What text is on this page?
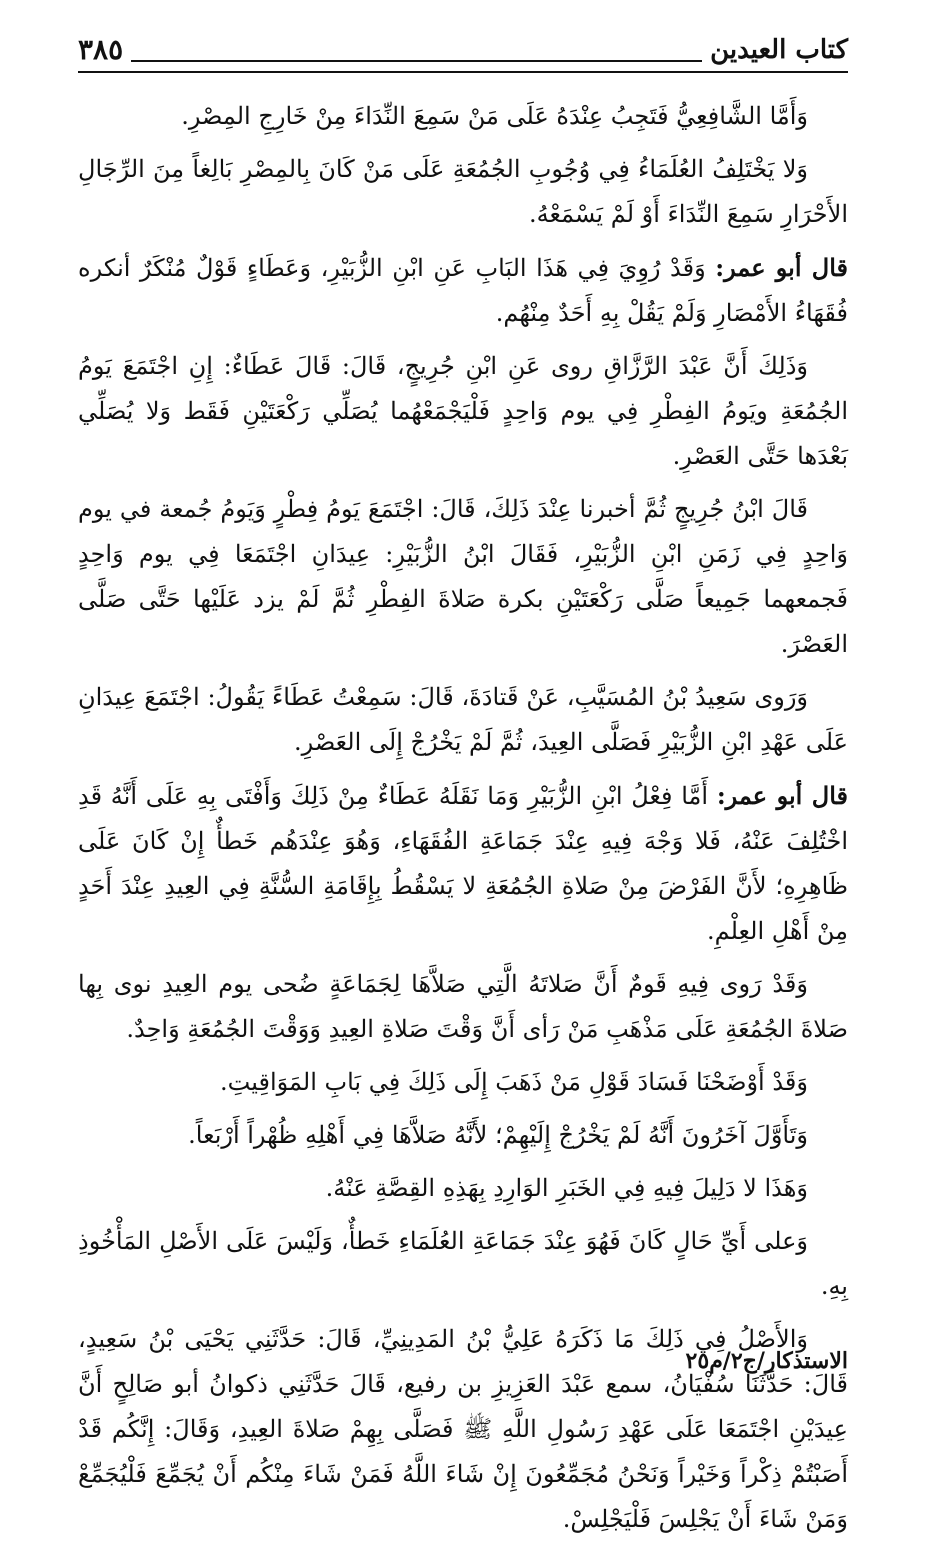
كتاب العيدين
٣٨٥

وَأَمَّا الشَّافِعِيُّ فَتَجِبُ عِنْدَهُ عَلَى مَنْ سَمِعَ النِّدَاءَ مِنْ خَارِجِ المِصْرِ.

وَلا يَخْتَلِفُ العُلَمَاءُ فِي وُجُوبِ الجُمُعَةِ عَلَى مَنْ كَانَ بِالمِصْرِ بَالِغاً مِنَ الرِّجَالِ الأَحْرَارِ سَمِعَ النِّدَاءَ أَوْ لَمْ يَسْمَعْهُ.

قال أبو عمر: وَقَدْ رُوِيَ فِي هَذَا البَابِ عَنِ ابْنِ الزُّبَيْرِ، وَعَطَاءٍ قَوْلٌ مُنْكَرٌ أنكره فُقَهَاءُ الأَمْصَارِ وَلَمْ يَقُلْ بِهِ أَحَدٌ مِنْهُم.

وَذَلِكَ أَنَّ عَبْدَ الرَّزَّاقِ روى عَنِ ابْنِ جُرِيجٍ، قَالَ: قَالَ عَطَاءٌ: إِنِ اجْتَمَعَ يَومُ الجُمُعَةِ ويَومُ الفِطْرِ فِي يوم وَاحِدٍ فَلْيَجْمَعْهُما يُصَلِّي رَكْعَتَيْنِ فَقَط وَلا يُصَلِّي بَعْدَها حَتَّى العَصْرِ.

قَالَ ابْنُ جُرِيجٍ ثُمَّ أخبرنا عِنْدَ ذَلِكَ، قَالَ: اجْتَمَعَ يَومُ فِطْرٍ وَيَومُ جُمعة في يوم وَاحِدٍ فِي زَمَنِ ابْنِ الزُّبَيْرِ، فَقَالَ ابْنُ الزُّبَيْرِ: عِيدَانِ اجْتَمَعَا فِي يوم وَاحِدٍ فَجمعهما جَمِيعاً صَلَّى رَكْعَتَيْنِ بكرة صَلاةَ الفِطْرِ ثُمَّ لَمْ يزد عَلَيْها حَتَّى صَلَّى العَصْرَ.

وَرَوى سَعِيدُ بْنُ المُسَيَّبِ، عَنْ قَتادَةَ، قَالَ: سَمِعْتُ عَطَاءً يَقُولُ: اجْتَمَعَ عِيدَانِ عَلَى عَهْدِ ابْنِ الزُّبَيْرِ فَصَلَّى العِيدَ، ثُمَّ لَمْ يَخْرُجْ إِلَى العَصْرِ.

قال أبو عمر: أَمَّا فِعْلُ ابْنِ الزُّبَيْرِ وَمَا نَقَلَهُ عَطَاءٌ مِنْ ذَلِكَ وَأَفْتَى بِهِ عَلَى أَنَّهُ قَدِ اخْتُلِفَ عَنْهُ، فَلا وَجْهَ فِيهِ عِنْدَ جَمَاعَةِ الفُقَهَاءِ، وَهُوَ عِنْدَهُم خَطأٌ إِنْ كَانَ عَلَى ظَاهِرِهِ؛ لأَنَّ الفَرْضَ مِنْ صَلاةِ الجُمُعَةِ لا يَسْقُطُ بِإِقَامَةِ السُّنَّةِ فِي العِيدِ عِنْدَ أَحَدٍ مِنْ أَهْلِ العِلْمِ.

وَقَدْ رَوى فِيهِ قَومٌ أَنَّ صَلاتَهُ الَّتِي صَلاَّهَا لِجَمَاعَةٍ ضُحى يوم العِيدِ نوى بِها صَلاةَ الجُمُعَةِ عَلَى مَذْهَبِ مَنْ رَأى أَنَّ وَقْتَ صَلاةِ العِيدِ وَوَقْتَ الجُمُعَةِ وَاحِدٌ.

وَقَدْ أَوْضَحْنَا فَسَادَ قَوْلِ مَنْ ذَهَبَ إِلَى ذَلِكَ فِي بَابِ المَوَاقِيتِ.

وَتَأَوَّلَ آخَرُونَ أَنَّهُ لَمْ يَخْرُجْ إِلَيْهِمْ؛ لأَنَّهُ صَلاَّهَا فِي أَهْلِهِ ظُهْراً أَرْبَعاً.

وَهَذَا لا دَلِيلَ فِيهِ فِي الخَبَرِ الوَارِدِ بِهَذِهِ القِصَّةِ عَنْهُ.

وَعلى أَيِّ حَالٍ كَانَ فَهُوَ عِنْدَ جَمَاعَةِ العُلَمَاءِ خَطأٌ، وَلَيْسَ عَلَى الأَصْلِ المَأْخُوذِ بِهِ.

وَالأَصْلُ فِي ذَلِكَ مَا ذَكَرَهُ عَلِيُّ بْنُ المَدِينِيِّ، قَالَ: حَدَّثَنِي يَحْيَى بْنُ سَعِيدٍ، قَالَ: حَدَّثَنَا سُفْيَانُ، سمع عَبْدَ العَزِيزِ بن رفيع، قَالَ حَدَّثَنِي ذكوانُ أبو صَالِحٍ أَنَّ عِيدَيْنِ اجْتَمَعَا عَلَى عَهْدِ رَسُولِ اللَّهِ ﷺ فَصَلَّى بِهِمْ صَلاةَ العِيدِ، وَقَالَ: إِنَّكُم قَدْ أَصَبْتُمْ ذِكْراً وَخَيْراً وَنَحْنُ مُجَمِّعُونَ إِنْ شَاءَ اللَّهُ فَمَنْ شَاءَ مِنْكُم أَنْ يُجَمِّعَ فَلْيُجَمِّعْ وَمَنْ شَاءَ أَنْ يَجْلِسَ فَلْيَجْلِسْ.

الاستذكار/ج٢/م٢٥
